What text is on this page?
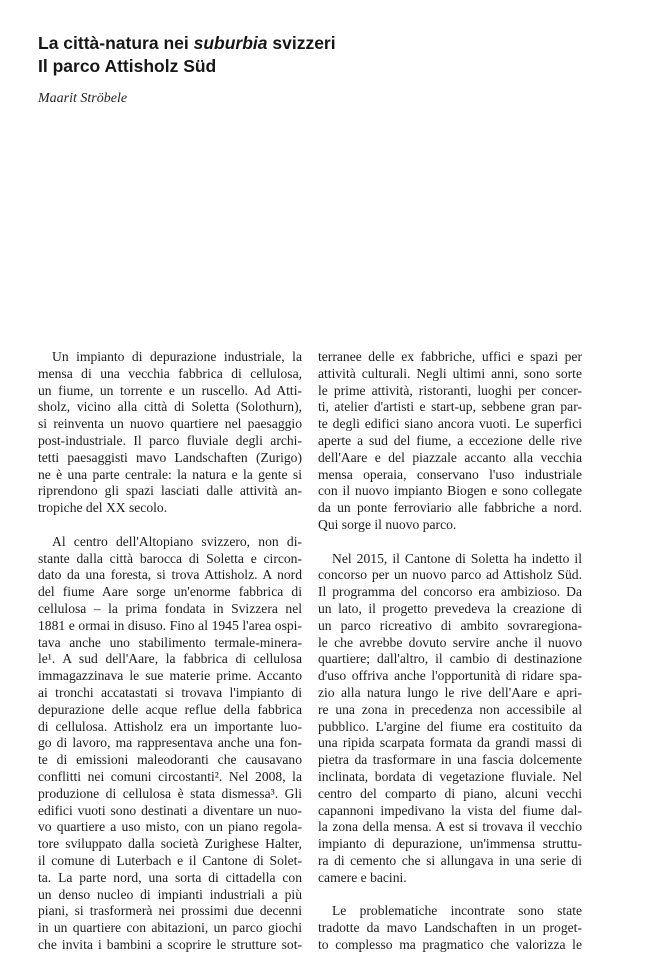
La città-natura nei suburbia svizzeri
Il parco Attisholz Süd

Maarit Ströbele

Un impianto di depurazione industriale, la
mensa di una vecchia fabbrica di cellulosa,
un fiume, un torrente e un ruscello. Ad Atti-
sholz, vicino alla città di Soletta (Solothurn),
si reinventa un nuovo quartiere nel paesaggio
post-industriale. Il parco fluviale degli archi-
tetti paesaggisti mavo Landschaften (Zurigo)
ne è una parte centrale: la natura e la gente si
riprendono gli spazi lasciati dalle attività an-
tropiche del XX secolo.

Al centro dell'Altopiano svizzero, non di-
stante dalla città barocca di Soletta e circon-
dato da una foresta, si trova Attisholz. A nord
del fiume Aare sorge un'enorme fabbrica di
cellulosa – la prima fondata in Svizzera nel
1881 e ormai in disuso. Fino al 1945 l'area ospi-
tava anche uno stabilimento termale-minera-
le¹. A sud dell'Aare, la fabbrica di cellulosa
immagazzinava le sue materie prime. Accanto
ai tronchi accatastati si trovava l'impianto di
depurazione delle acque reflue della fabbrica
di cellulosa. Attisholz era un importante luo-
go di lavoro, ma rappresentava anche una fon-
te di emissioni maleodoranti che causavano
conflitti nei comuni circostanti². Nel 2008, la
produzione di cellulosa è stata dismessa³. Gli
edifici vuoti sono destinati a diventare un nuo-
vo quartiere a uso misto, con un piano regola-
tore sviluppato dalla società Zurighese Halter,
il comune di Luterbach e il Cantone di Solet-
ta. La parte nord, una sorta di cittadella con
un denso nucleo di impianti industriali a più
piani, si trasformerà nei prossimi due decenni
in un quartiere con abitazioni, un parco giochi
che invita i bambini a scoprire le strutture sot-

terranee delle ex fabbriche, uffici e spazi per
attività culturali. Negli ultimi anni, sono sorte
le prime attività, ristoranti, luoghi per concer-
ti, atelier d'artisti e start-up, sebbene gran par-
te degli edifici siano ancora vuoti. Le superfici
aperte a sud del fiume, a eccezione delle rive
dell'Aare e del piazzale accanto alla vecchia
mensa operaia, conservano l'uso industriale
con il nuovo impianto Biogen e sono collegate
da un ponte ferroviario alle fabbriche a nord.
Qui sorge il nuovo parco.

Nel 2015, il Cantone di Soletta ha indetto il
concorso per un nuovo parco ad Attisholz Süd.
Il programma del concorso era ambizioso. Da
un lato, il progetto prevedeva la creazione di
un parco ricreativo di ambito sovraregiona-
le che avrebbe dovuto servire anche il nuovo
quartiere; dall'altro, il cambio di destinazione
d'uso offriva anche l'opportunità di ridare spa-
zio alla natura lungo le rive dell'Aare e apri-
re una zona in precedenza non accessibile al
pubblico. L'argine del fiume era costituito da
una ripida scarpata formata da grandi massi di
pietra da trasformare in una fascia dolcemente
inclinata, bordata di vegetazione fluviale. Nel
centro del comparto di piano, alcuni vecchi
capannoni impedivano la vista del fiume dal-
la zona della mensa. A est si trovava il vecchio
impianto di depurazione, un'immensa struttu-
ra di cemento che si allungava in una serie di
camere e bacini.

Le problematiche incontrate sono state
tradotte da mavo Landschaften in un proget-
to complesso ma pragmatico che valorizza le
